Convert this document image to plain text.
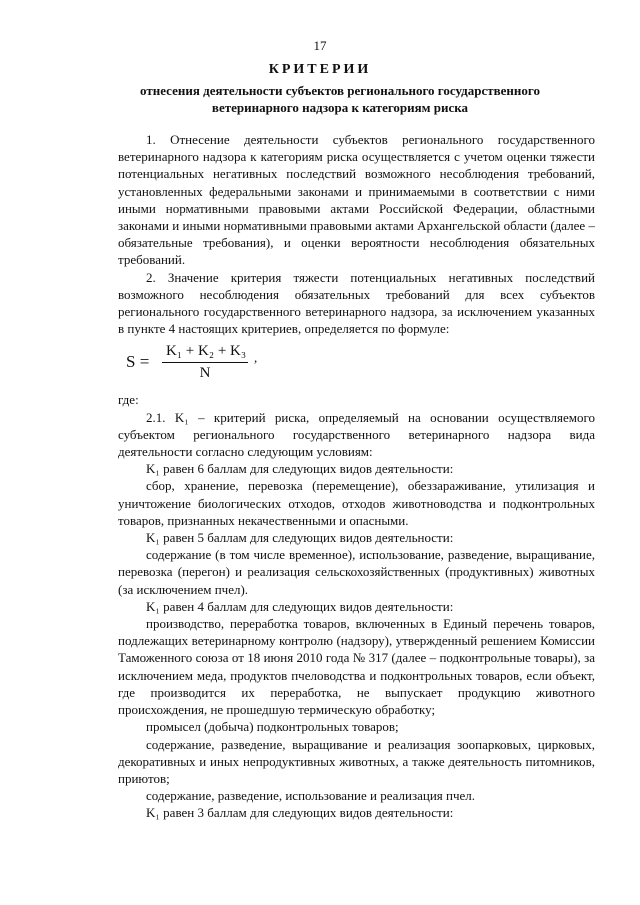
17
КРИТЕРИИ
отнесения деятельности субъектов регионального государственного ветеринарного надзора к категориям риска

1. Отнесение деятельности субъектов регионального государственного ветеринарного надзора к категориям риска осуществляется с учетом оценки тяжести потенциальных негативных последствий возможного несоблюдения требований, установленных федеральными законами и принимаемыми в соответствии с ними иными нормативными правовыми актами Российской Федерации, областными законами и иными нормативными правовыми актами Архангельской области (далее – обязательные требования), и оценки вероятности несоблюдения обязательных требований.

2. Значение критерия тяжести потенциальных негативных последствий возможного несоблюдения обязательных требований для всех субъектов регионального государственного ветеринарного надзора, за исключением указанных в пункте 4 настоящих критериев, определяется по формуле:

$S = \frac{\text{K₁ + K₂ + K₃}}{N}$ ,

где:

2.1. K₁ – критерий риска, определяемый на основании осуществляемого субъектом регионального государственного ветеринарного надзора вида деятельности согласно следующим условиям:

K₁ равен 6 баллам для следующих видов деятельности:

сбор, хранение, перевозка (перемещение), обеззараживание, утилизация и уничтожение биологических отходов, отходов животноводства и подконтрольных товаров, признанных некачественными и опасными.

K₁ равен 5 баллам для следующих видов деятельности:

содержание (в том числе временное), использование, разведение, выращивание, перевозка (перегон) и реализация сельскохозяйственных (продуктивных) животных (за исключением пчел).

K₁ равен 4 баллам для следующих видов деятельности:

производство, переработка товаров, включенных в Единый перечень товаров, подлежащих ветеринарному контролю (надзору), утвержденный решением Комиссии Таможенного союза от 18 июня 2010 года № 317 (далее – подконтрольные товары), за исключением меда, продуктов пчеловодства и подконтрольных товаров, если объект, где производится их переработка, не выпускает продукцию животного происхождения, не прошедшую термическую обработку;

промысел (добыча) подконтрольных товаров;

содержание, разведение, выращивание и реализация зоопарковых, цирковых, декоративных и иных непродуктивных животных, а также деятельность питомников, приютов;

содержание, разведение, использование и реализация пчел.

K₁ равен 3 баллам для следующих видов деятельности:
